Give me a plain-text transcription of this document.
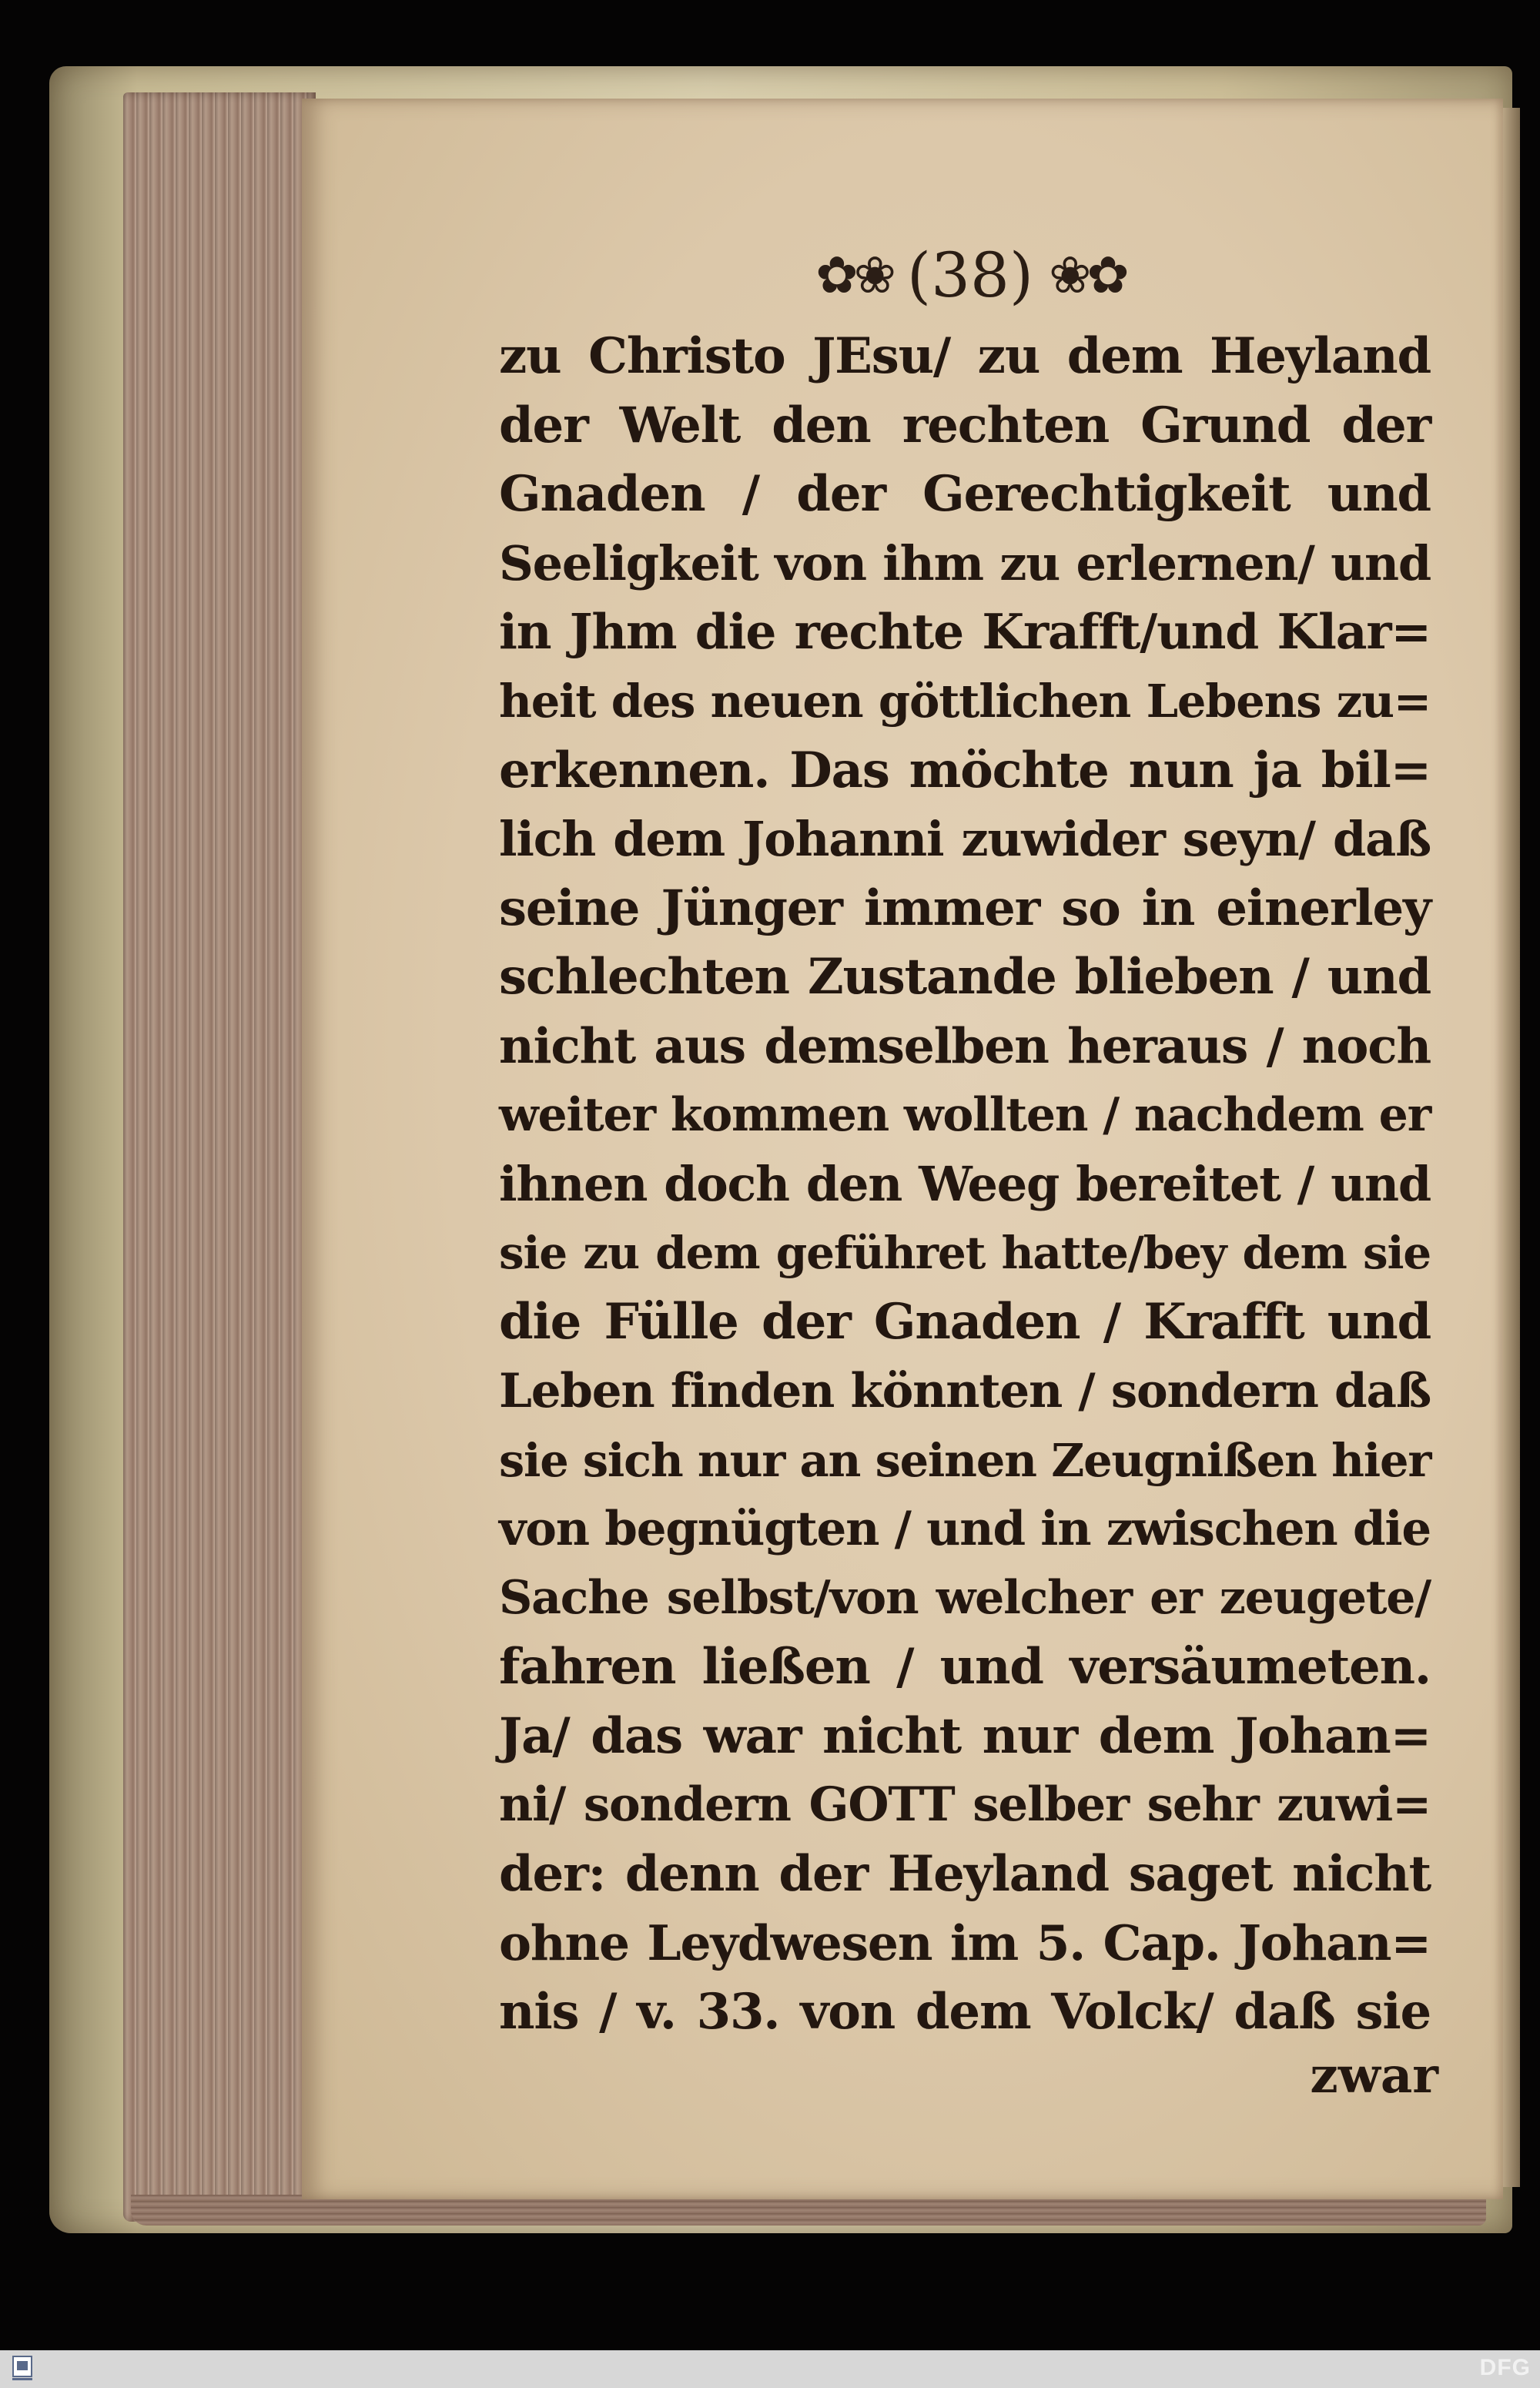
✿❀ (38) ❀✿
zu Christo JEsu/ zu dem Heyland
der Welt den rechten Grund der
Gnaden / der Gerechtigkeit und
Seeligkeit von ihm zu erlernen/ und
in Jhm die rechte Krafft/und Klar=
heit des neuen göttlichen Lebens zu=
erkennen. Das möchte nun ja bil=
lich dem Johanni zuwider seyn/ daß
seine Jünger immer so in einerley
schlechten Zustande blieben / und
nicht aus demselben heraus / noch
weiter kommen wollten / nachdem er
ihnen doch den Weeg bereitet / und
sie zu dem geführet hatte/bey dem sie
die Fülle der Gnaden / Krafft und
Leben finden könnten / sondern daß
sie sich nur an seinen Zeugnißen hier
von begnügten / und in zwischen die
Sache selbst/von welcher er zeugete/
fahren ließen / und versäumeten.
Ja/ das war nicht nur dem Johan=
ni/ sondern GOTT selber sehr zuwi=
der: denn der Heyland saget nicht
ohne Leydwesen im 5. Cap. Johan=
nis / v. 33. von dem Volck/ daß sie
zwar
DFG
